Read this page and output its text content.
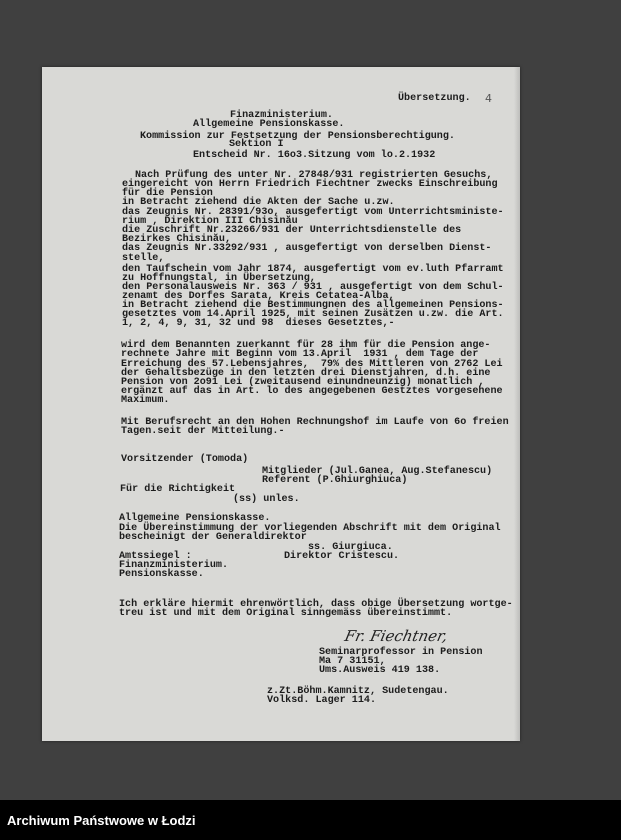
Übersetzung. 4
Finazministerium.
Allgemeine Pensionskasse.
Kommission zur Festsetzung der Pensionsberechtigung.
Sektion I
Entscheid Nr. 16o3.Sitzung vom lo.2.1932
Nach Prüfung des unter Nr. 27848/931 registrierten Gesuchs,
eingereicht von Herrn Friedrich Fiechtner zwecks Einschreibung
für die Pension
in Betracht ziehend die Akten der Sache u.zw.
das Zeugnis Nr. 28391/93o, ausgefertigt vom Unterrichtsministe-
rium , Direktion III Chisinău
die Zuschrift Nr.23266/931 der Unterrichtsdienstelle des
Bezirkes Chisinău,
das Zeugnis Nr.33292/931 , ausgefertigt von derselben Dienst-
stelle,
den Taufschein vom Jahr 1874, ausgefertigt vom ev.luth Pfarramt
zu Hoffnungstal, in Übersetzung,
den Personalausweis Nr. 363 / 931 , ausgefertigt von dem Schul-
zenamt des Dorfes Sarata, Kreis Cetatea-Alba,
in Betracht ziehend die Bestimmungnen des allgemeinen Pensions-
gesetztes vom 14.April 1925, mit seinen Zusätzen u.zw. die Art.
1, 2, 4, 9, 31, 32 und 98  dieses Gesetztes,-
wird dem Benannten zuerkannt für 28 ihm für die Pension ange-
rechnete Jahre mit Beginn vom 13.April  1931 , dem Tage der
Erreichung des 57.Lebensjahres,  79% des Mittleren von 2762 Lei
der Gehaltsbezüge in den letzten drei Dienstjahren, d.h. eine
Pension von 2o91 Lei (zweitausend einundneunzig) monatlich ,
ergänzt auf das in Art. lo des angegebenen Gestztes vorgesehene
Maximum.
Mit Berufsrecht an den Hohen Rechnungshof im Laufe von 6o freien
Tagen.seit der Mitteilung.-
Vorsitzender (Tomoda)
Mitglieder (Jul.Ganea, Aug.Stefanescu)
Referent (P.Ghiurghiuca)
Für die Richtigkeit
(ss) unles.
Allgemeine Pensionskasse.
Die Übereinstimmung der vorliegenden Abschrift mit dem Original
bescheinigt der Generaldirektor
ss. Giurgiuca.
Amtssiegel :	Direktor Cristescu.
Finanzministerium.
Pensionskasse.
Ich erkläre hiermit ehrenwörtlich, dass obige Übersetzung wortge-
treu ist und mit dem Original sinngemäss übereinstimmt.
Fr. Fiechtner,
Seminarprofessor in Pension
Ma 7 31151,
Ums.Ausweis 419 138.
z.Zt.Böhm.Kamnitz, Sudetengau.
Volksd. Lager 114.
Archiwum Państwowe w Łodzi
